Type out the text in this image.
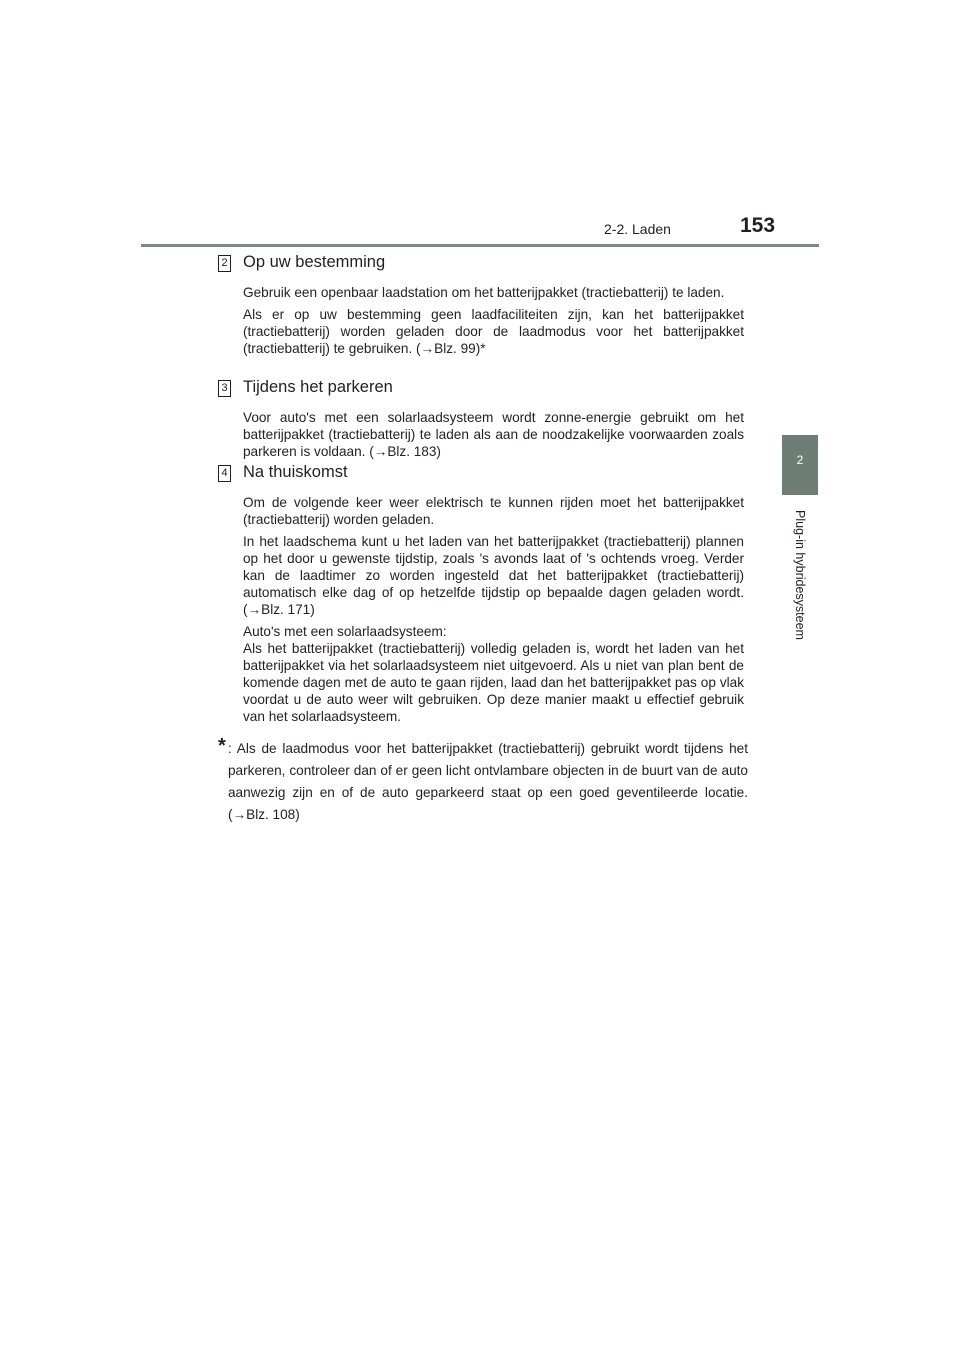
2-2. Laden	153
2
Plug-in hybridesysteem
2 Op uw bestemming

Gebruik een openbaar laadstation om het batterijpakket (tractiebatterij) te laden.

Als er op uw bestemming geen laadfaciliteiten zijn, kan het batterijpakket (tractiebatterij) worden geladen door de laadmodus voor het batterijpakket (tractiebatterij) te gebruiken. (→Blz. 99)*

3 Tijdens het parkeren

Voor auto's met een solarlaadsysteem wordt zonne-energie gebruikt om het batterijpakket (tractiebatterij) te laden als aan de noodzakelijke voorwaarden zoals parkeren is voldaan. (→Blz. 183)

4 Na thuiskomst

Om de volgende keer weer elektrisch te kunnen rijden moet het batterijpakket (tractiebatterij) worden geladen.

In het laadschema kunt u het laden van het batterijpakket (tractiebatterij) plannen op het door u gewenste tijdstip, zoals 's avonds laat of 's ochtends vroeg. Verder kan de laadtimer zo worden ingesteld dat het batterijpakket (tractiebatterij) automatisch elke dag of op hetzelfde tijdstip op bepaalde dagen geladen wordt. (→Blz. 171)

Auto's met een solarlaadsysteem:

Als het batterijpakket (tractiebatterij) volledig geladen is, wordt het laden van het batterijpakket via het solarlaadsysteem niet uitgevoerd. Als u niet van plan bent de komende dagen met de auto te gaan rijden, laad dan het batterijpakket pas op vlak voordat u de auto weer wilt gebruiken. Op deze manier maakt u effectief gebruik van het solarlaadsysteem.

* : Als de laadmodus voor het batterijpakket (tractiebatterij) gebruikt wordt tijdens het parkeren, controleer dan of er geen licht ontvlambare objecten in de buurt van de auto aanwezig zijn en of de auto geparkeerd staat op een goed geventileerde locatie. (→Blz. 108)
